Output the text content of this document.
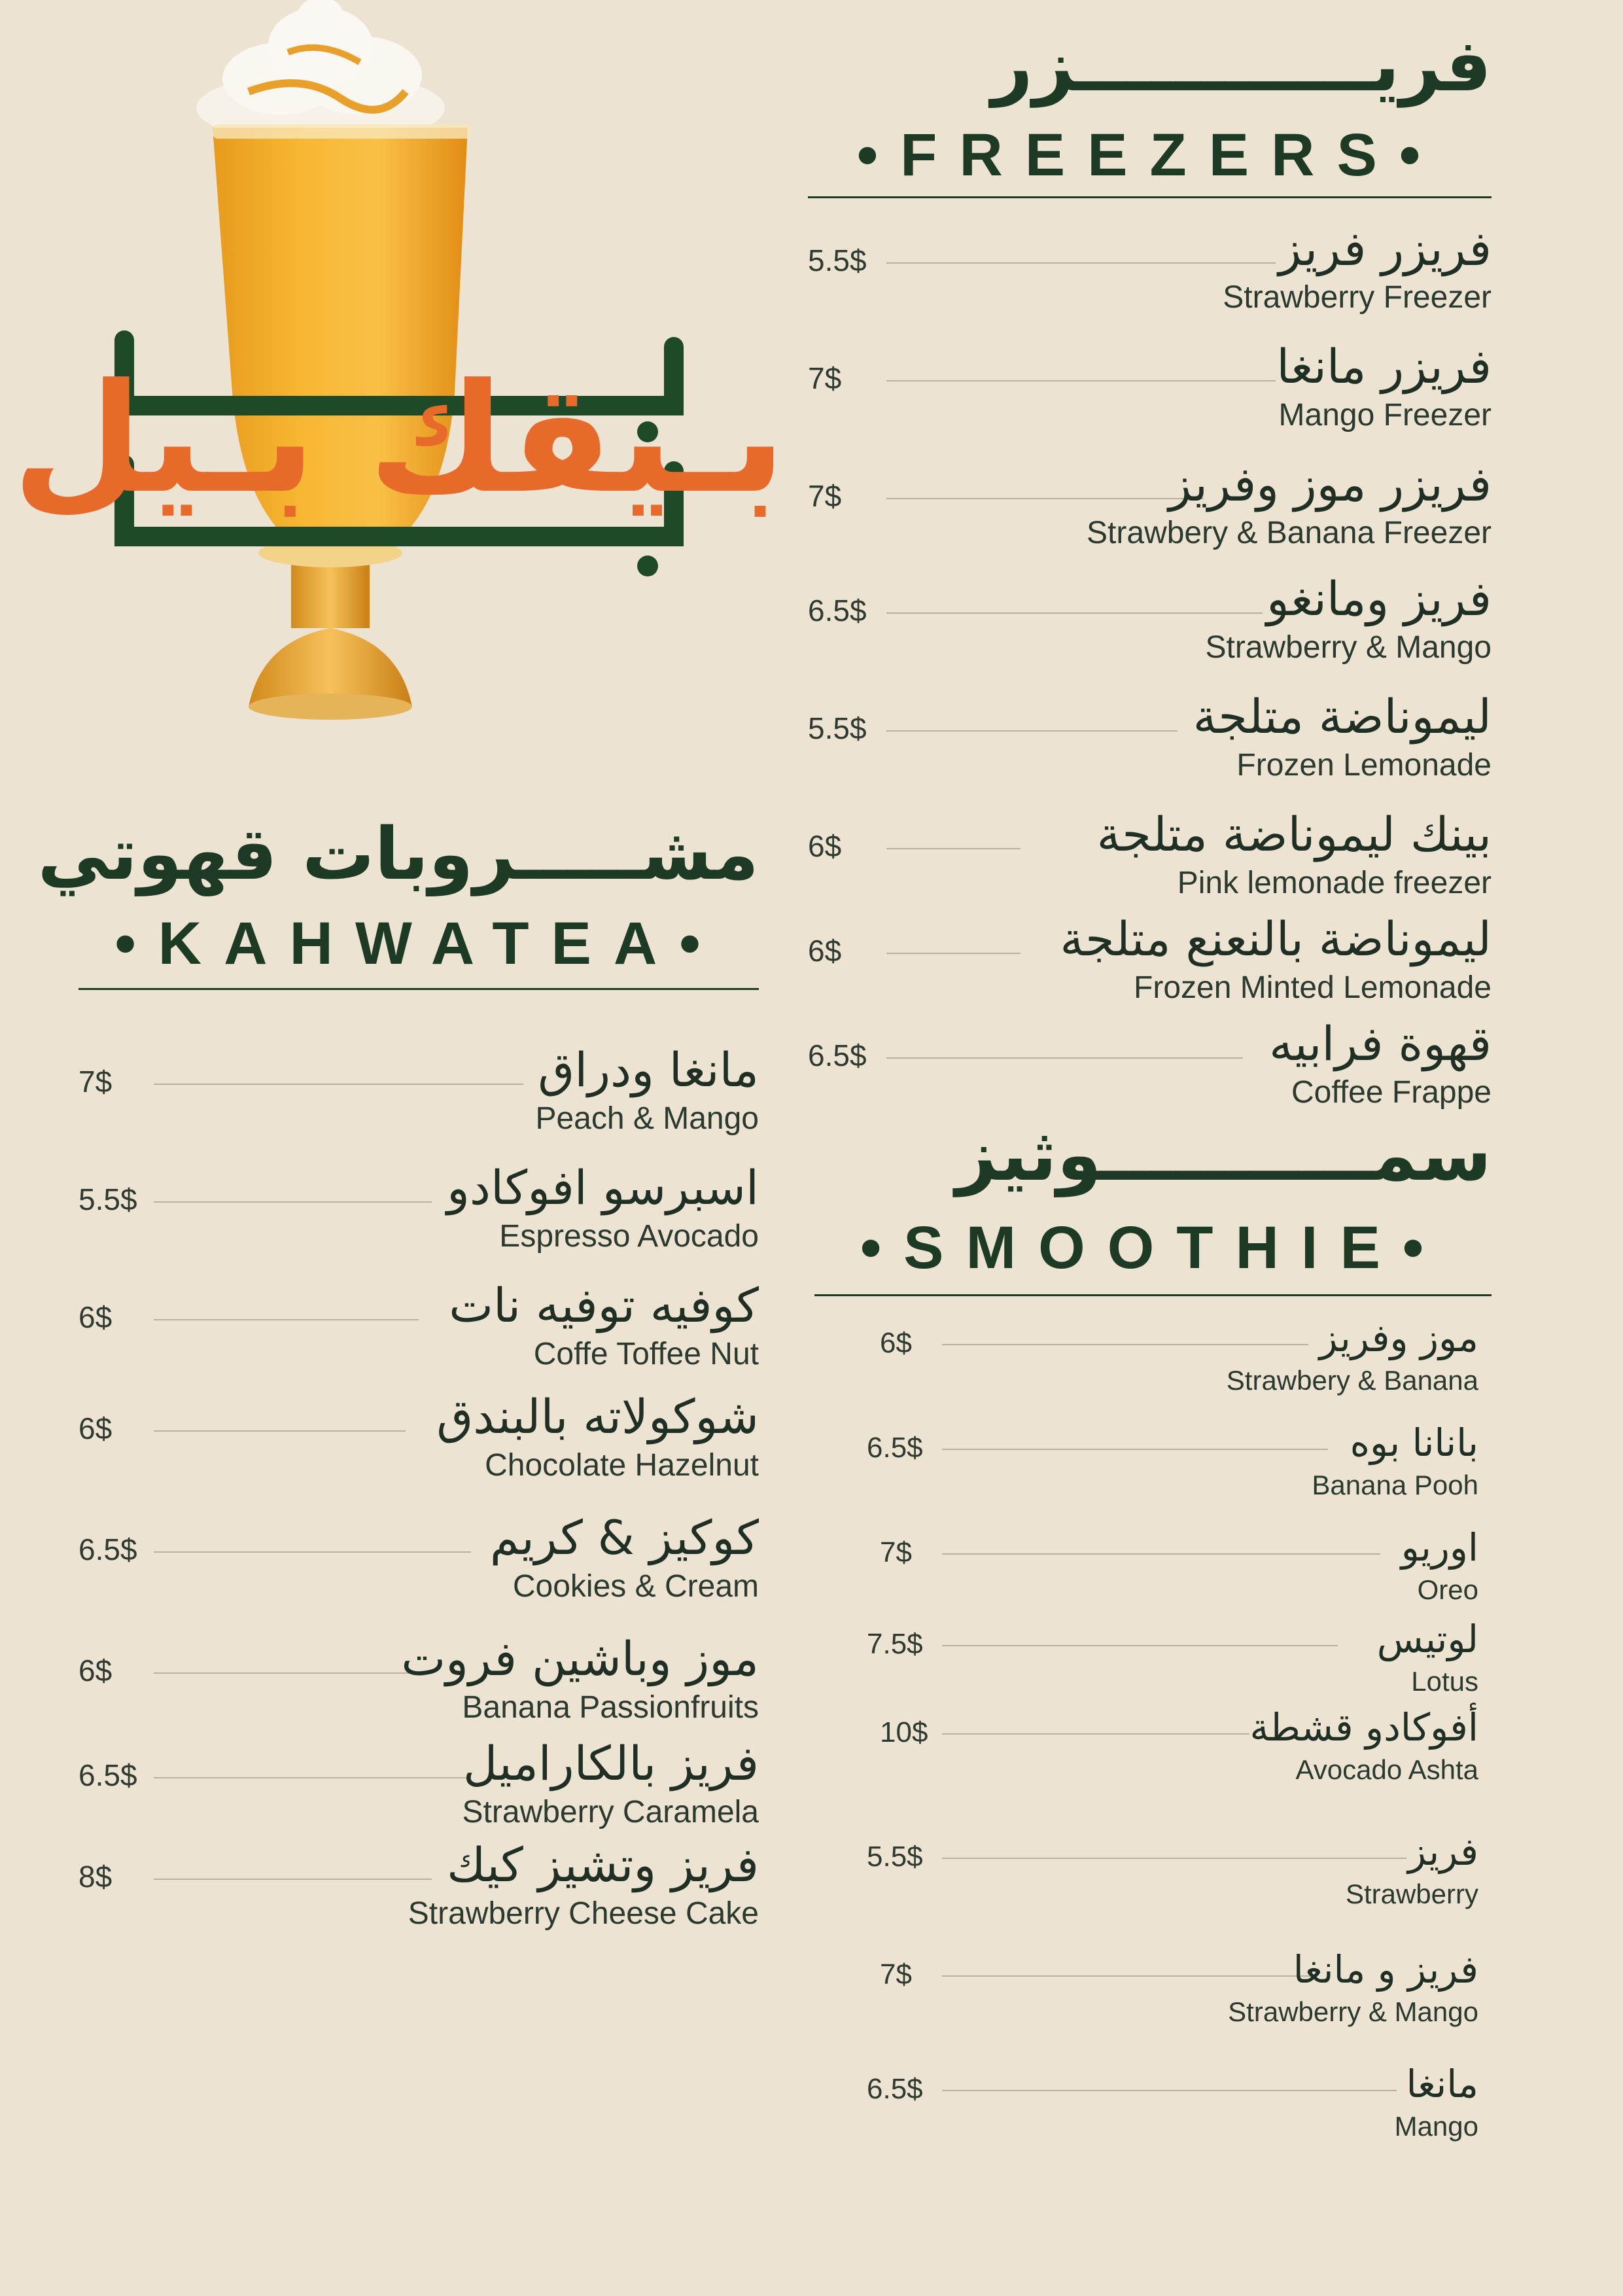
بـيقك بـيل
فريــــــــــــزر
•FREEZERS•
5.5$	فريزر فريز
Strawberry Freezer
7$	فريزر مانغا
Mango Freezer
7$	فريزر موز وفريز
Strawbery & Banana Freezer
6.5$	فريز ومانغو
Strawberry & Mango
5.5$	ليموناضة متلجة
Frozen Lemonade
6$	بينك ليموناضة متلجة
Pink lemonade freezer
6$	ليموناضة بالنعنع متلجة
Frozen Minted Lemonade
6.5$	قهوة فرابيه
Coffee Frappe
مشـــــروبات قهوتي
•KAHWATEA•
7$	مانغا ودراق
Peach & Mango
5.5$	اسبرسو افوكادو
Espresso Avocado
6$	كوفيه توفيه نات
Coffe Toffee Nut
6$	شوكولاته بالبندق
Chocolate Hazelnut
6.5$	كوكيز & كريم
Cookies & Cream
6$	موز وباشين فروت
Banana Passionfruits
6.5$	فريز بالكاراميل
Strawberry Caramela
8$	فريز وتشيز كيك
Strawberry Cheese Cake
سمـــــــــــوثيز
•SMOOTHIE•
6$	موز وفريز
Strawbery & Banana
6.5$	بانانا بوه
Banana Pooh
7$	اوريو
Oreo
7.5$	لوتيس
Lotus
10$	أفوكادو قشطة
Avocado Ashta
5.5$	فريز
Strawberry
7$	فريز و مانغا
Strawberry & Mango
6.5$	مانغا
Mango
